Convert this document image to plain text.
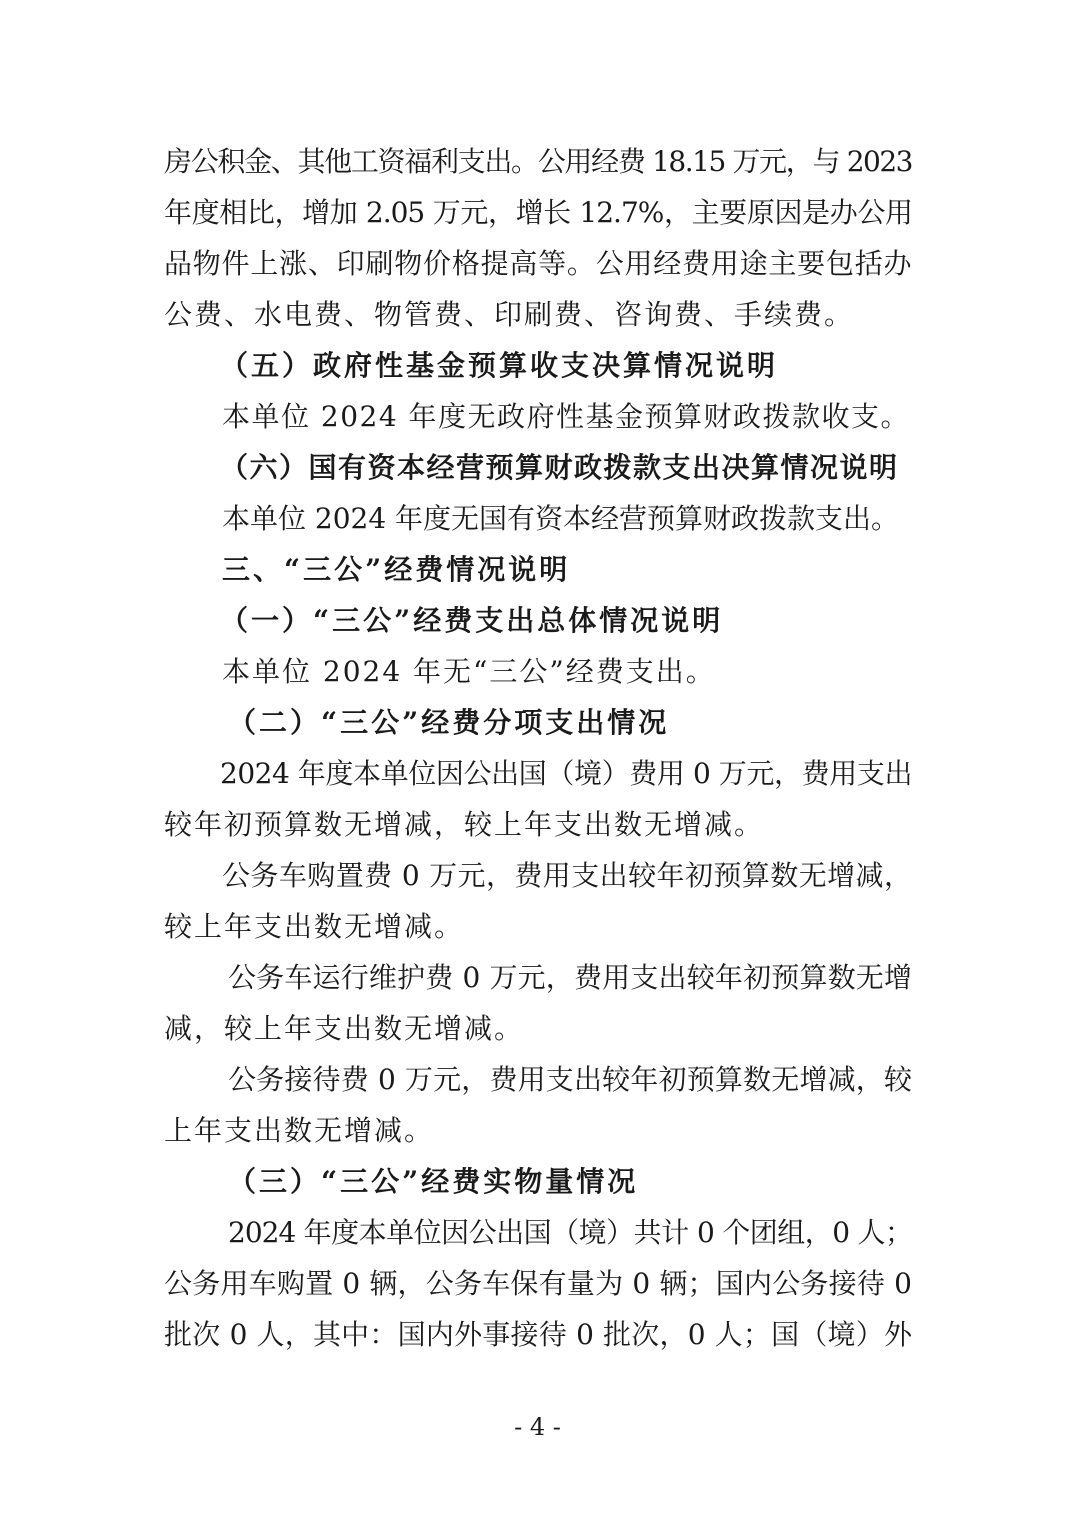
房公积金、其他工资福利支出。公用经费 18.15 万元，与 2023
年度相比，增加 2.05 万元，增长 12.7%，主要原因是办公用
品物件上涨、印刷物价格提高等。公用经费用途主要包括办
公费、水电费、物管费、印刷费、咨询费、手续费。
（五）政府性基金预算收支决算情况说明
本单位 2024 年度无政府性基金预算财政拨款收支。
（六）国有资本经营预算财政拨款支出决算情况说明
本单位 2024 年度无国有资本经营预算财政拨款支出。
三、“三公”经费情况说明
（一）“三公”经费支出总体情况说明
本单位 2024 年无“三公”经费支出。
（二）“三公”经费分项支出情况
2024 年度本单位因公出国（境）费用 0 万元，费用支出
较年初预算数无增减，较上年支出数无增减。
公务车购置费 0 万元，费用支出较年初预算数无增减，
较上年支出数无增减。
公务车运行维护费 0 万元，费用支出较年初预算数无增
减，较上年支出数无增减。
公务接待费 0 万元，费用支出较年初预算数无增减，较
上年支出数无增减。
（三）“三公”经费实物量情况
2024 年度本单位因公出国（境）共计 0 个团组，0 人；
公务用车购置 0 辆，公务车保有量为 0 辆；国内公务接待 0
批次 0 人，其中：国内外事接待 0 批次，0 人；国（境）外
- 4 -
